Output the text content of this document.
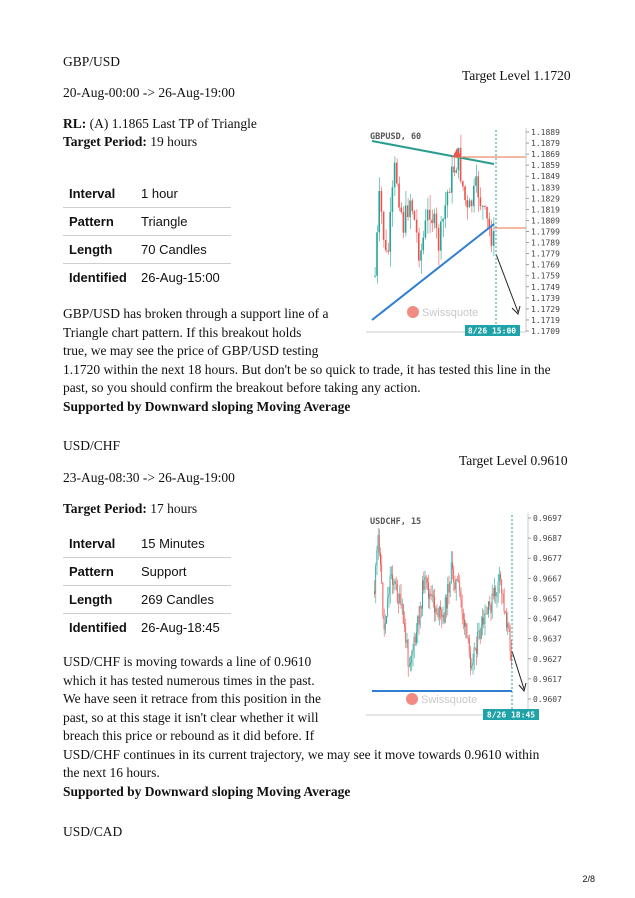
GBP/USD
Target Level 1.1720
20-Aug-00:00 -> 26-Aug-19:00
RL: (A) 1.1865 Last TP of Triangle
Target Period: 19 hours
Interval	1 hour
Pattern	Triangle
Length	70 Candles
Identified	26-Aug-15:00
GBPUSD, 60
Swissquote
8/26 15:00
1.1889
1.1879
1.1869
1.1859
1.1849
1.1839
1.1829
1.1819
1.1809
1.1799
1.1789
1.1779
1.1769
1.1759
1.1749
1.1739
1.1729
1.1719
1.1709
GBP/USD has broken through a support line of a
Triangle chart pattern. If this breakout holds
true, we may see the price of GBP/USD testing
1.1720 within the next 18 hours. But don't be so quick to trade, it has tested this line in the
past, so you should confirm the breakout before taking any action.
Supported by Downward sloping Moving Average
USD/CHF
Target Level 0.9610
23-Aug-08:30 -> 26-Aug-19:00
Target Period: 17 hours
Interval	15 Minutes
Pattern	Support
Length	269 Candles
Identified	26-Aug-18:45
USDCHF, 15
Swissquote
8/26 18:45
0.9697
0.9687
0.9677
0.9667
0.9657
0.9647
0.9637
0.9627
0.9617
0.9607
USD/CHF is moving towards a line of 0.9610
which it has tested numerous times in the past.
We have seen it retrace from this position in the
past, so at this stage it isn't clear whether it will
breach this price or rebound as it did before. If
USD/CHF continues in its current trajectory, we may see it move towards 0.9610 within
the next 16 hours.
Supported by Downward sloping Moving Average
USD/CAD
2/8
